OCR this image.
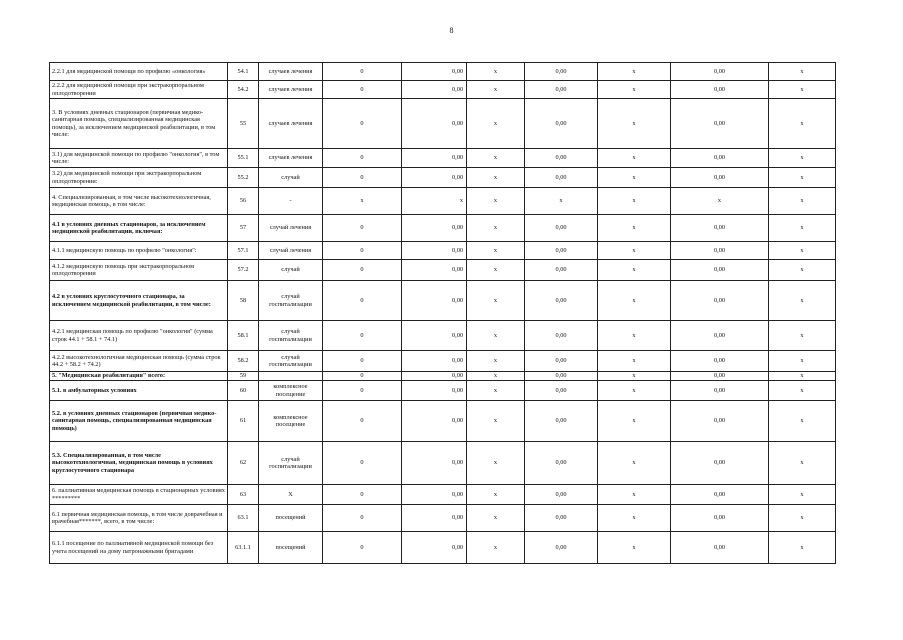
8
2.2.1 для медицинской помощи по профилю «онкология»	54.1	случаев лечения	0	0,00	х	0,00	х	0,00	х
2.2.2 для медицинской помощи при экстракорпоральном оплодотворении	54.2	случаев лечения	0	0,00	х	0,00	х	0,00	х
3. В условиях дневных стационаров (первичная медико-санитарная помощь, специализированная медицинская помощь), за исключением медицинской реабилитации, в том числе:	55	случаев лечения	0	0,00	х	0,00	х	0,00	х
3.1) для медицинской помощи по профилю "онкология", в том числе:	55.1	случаев лечения	0	0,00	х	0,00	х	0,00	х
3.2) для медицинской помощи при экстракорпоральном оплодотворении:	55.2	случай	0	0,00	х	0,00	х	0,00	х
4. Специализированная, в том числе высокотехнологичная, медицинская помощь, в том числе:	56	-	х	х	х	х	х	х	х
4.1 в условиях дневных стационаров, за исключением медицинской реабилитации, включая:	57	случай лечения	0	0,00	х	0,00	х	0,00	х
4.1.1 медицинскую помощь по профилю "онкология":	57.1	случай лечения	0	0,00	х	0,00	х	0,00	х
4.1.2 медицинскую помощь при экстракорпоральном оплодотворении	57.2	случай	0	0,00	х	0,00	х	0,00	х
4.2 в условиях круглосуточного стационара, за исключением медицинской реабилитации, в том числе:	58	случай госпитализации	0	0,00	х	0,00	х	0,00	х
4.2.1 медицинская помощь по профилю "онкология" (сумма строк 44.1 + 58.1 + 74.1)	58.1	случай госпитализации	0	0,00	х	0,00	х	0,00	х
4.2.2 высокотехнологичная медицинская помощь (сумма строк 44.2 + 58.2 + 74.2)	58.2	случай госпитализации	0	0,00	х	0,00	х	0,00	х
5. "Медицинская реабилитация" всего:	59		0	0,00	х	0,00	х	0,00	х
5.1. в амбулаторных условиях	60	комплексное посещение	0	0,00	х	0,00	х	0,00	х
5.2. в условиях дневных стационаров (первичная медико-санитарная помощь, специализированная медицинская помощь)	61	комплексное посещение	0	0,00	х	0,00	х	0,00	х
5.3. Специализированная, в том числе высокотехнологичная, медицинская помощь в условиях круглосуточного стационара	62	случай госпитализации	0	0,00	х	0,00	х	0,00	х
6. паллиативная медицинская помощь в стационарных условиях *********	63	Х	0	0,00	х	0,00	х	0,00	х
6.1 первичная медицинская помощь, в том числе доврачебная и врачебная*******, всего, в том числе:	63.1	посещений	0	0,00	х	0,00	х	0,00	х
6.1.1 посещение по паллиативной медицинской помощи без учета посещений на дому патронажными бригадами	63.1.1	посещений	0	0,00	х	0,00	х	0,00	х
